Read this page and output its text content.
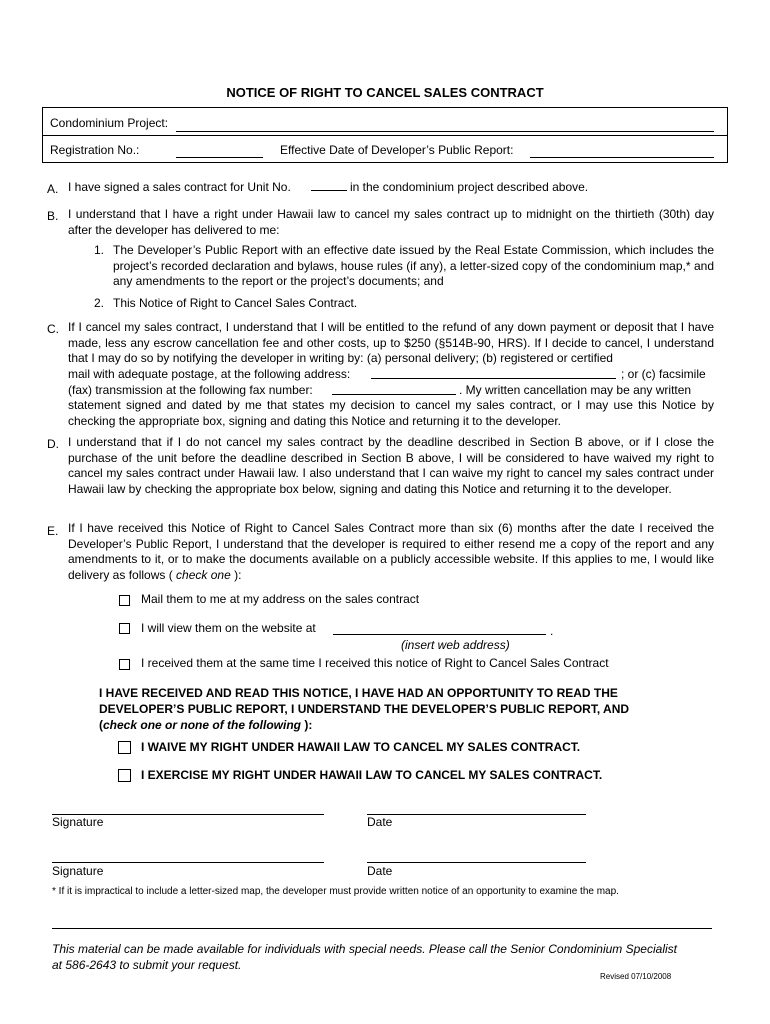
NOTICE OF RIGHT TO CANCEL SALES CONTRACT
Condominium Project:
Registration No.:	Effective Date of Developer’s Public Report:
A. I have signed a sales contract for Unit No.	in the condominium project described above.
B. I understand that I have a right under Hawaii law to cancel my sales contract up to midnight on the thirtieth (30th) day after the developer has delivered to me:
1. The Developer’s Public Report with an effective date issued by the Real Estate Commission, which includes the project’s recorded declaration and bylaws, house rules (if any), a letter-sized copy of the condominium map,* and any amendments to the report or the project’s documents; and
2. This Notice of Right to Cancel Sales Contract.
C. If I cancel my sales contract, I understand that I will be entitled to the refund of any down payment or deposit that I have made, less any escrow cancellation fee and other costs, up to $250 (§514B-90, HRS). If I decide to cancel, I understand that I may do so by notifying the developer in writing by: (a) personal delivery; (b) registered or certified
mail with adequate postage, at the following address:	; or (c) facsimile
(fax) transmission at the following fax number:	. My written cancellation may be any written
statement signed and dated by me that states my decision to cancel my sales contract, or I may use this Notice by checking the appropriate box, signing and dating this Notice and returning it to the developer.
D. I understand that if I do not cancel my sales contract by the deadline described in Section B above, or if I close the purchase of the unit before the deadline described in Section B above, I will be considered to have waived my right to cancel my sales contract under Hawaii law. I also understand that I can waive my right to cancel my sales contract under Hawaii law by checking the appropriate box below, signing and dating this Notice and returning it to the developer.
E. If I have received this Notice of Right to Cancel Sales Contract more than six (6) months after the date I received the Developer’s Public Report, I understand that the developer is required to either resend me a copy of the report and any amendments to it, or to make the documents available on a publicly accessible website. If this applies to me, I would like delivery as follows ( check one ):
Mail them to me at my address on the sales contract
I will view them on the website at	.
(insert web address)
I received them at the same time I received this notice of Right to Cancel Sales Contract
I HAVE RECEIVED AND READ THIS NOTICE, I HAVE HAD AN OPPORTUNITY TO READ THE
DEVELOPER’S PUBLIC REPORT, I UNDERSTAND THE DEVELOPER’S PUBLIC REPORT, AND
(check one or none of the following ):
I WAIVE MY RIGHT UNDER HAWAII LAW TO CANCEL MY SALES CONTRACT.
I EXERCISE MY RIGHT UNDER HAWAII LAW TO CANCEL MY SALES CONTRACT.
Signature	Date
Signature	Date
* If it is impractical to include a letter-sized map, the developer must provide written notice of an opportunity to examine the map.
This material can be made available for individuals with special needs. Please call the Senior Condominium Specialist
at 586-2643 to submit your request.
Revised 07/10/2008
